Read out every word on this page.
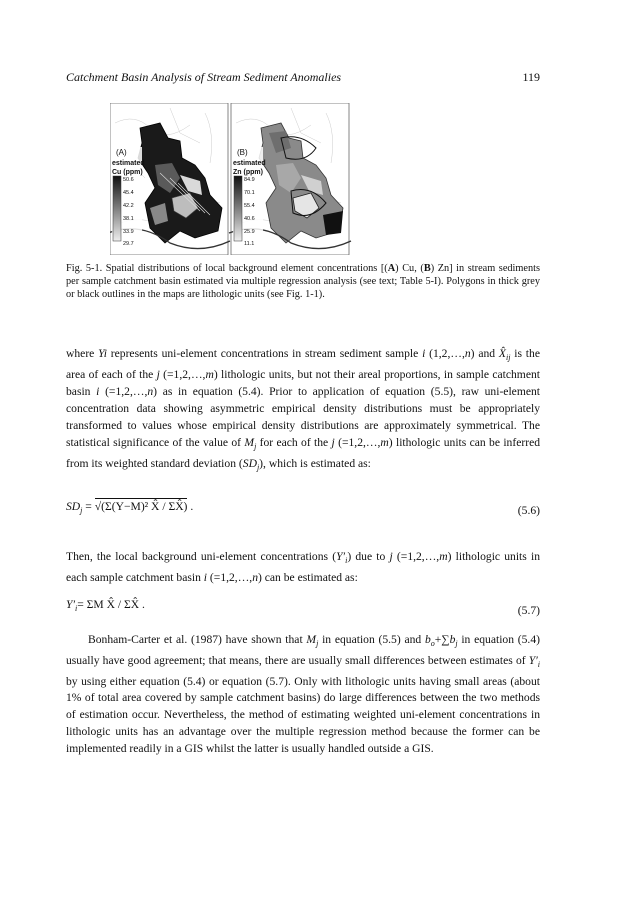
Catchment Basin Analysis of Stream Sediment Anomalies	119
(A)
estimated
Cu (ppm)
50.6
45.4
42.2
38.1
33.9
29.7
(B)
estimated
Zn (ppm)
84.9
70.1
55.4
40.6
25.9
11.1
Fig. 5-1. Spatial distributions of local background element concentrations [(A) Cu, (B) Zn] in stream sediments per sample catchment basin estimated via multiple regression analysis (see text; Table 5-I). Polygons in thick grey or black outlines in the maps are lithologic units (see Fig. 1-1).
where Yi represents uni-element concentrations in stream sediment sample i (1,2,…,n) and $X̂_{ij}$ is the area of each of the j (=1,2,…,m) lithologic units, but not their areal proportions, in sample catchment basin i (=1,2,…,n) as in equation (5.4). Prior to application of equation (5.5), raw uni-element concentration data showing asymmetric empirical density distributions must be appropriately transformed to values whose empirical density distributions are approximately symmetrical. The statistical significance of the value of $M_j$ for each of the j (=1,2,…,m) lithologic units can be inferred from its weighted standard deviation $(SD_j)$, which is estimated as:
$SD_j = √(\Sigma(Y-M)^2$ X̂ / ΣX̂) .	(5.6)
Then, the local background uni-element concentrations $(Y'_i)$ due to j (=1,2,…,m) lithologic units in each sample catchment basin i (=1,2,…,n) can be estimated as:
$Y'_i= \Sigma M$ X̂ / ΣX̂ .	(5.7)
Bonham-Carter et al. (1987) have shown that $M_j$ in equation (5.5) and $b_o+\sum b_j$ in equation (5.4) usually have good agreement; that means, there are usually small differences between estimates of $Y'_i$ by using either equation (5.4) or equation (5.7). Only with lithologic units having small areas (about 1% of total area covered by sample catchment basins) do large differences between the two methods of estimation occur. Nevertheless, the method of estimating weighted uni-element concentrations in lithologic units has an advantage over the multiple regression method because the former can be implemented readily in a GIS whilst the latter is usually handled outside a GIS.
